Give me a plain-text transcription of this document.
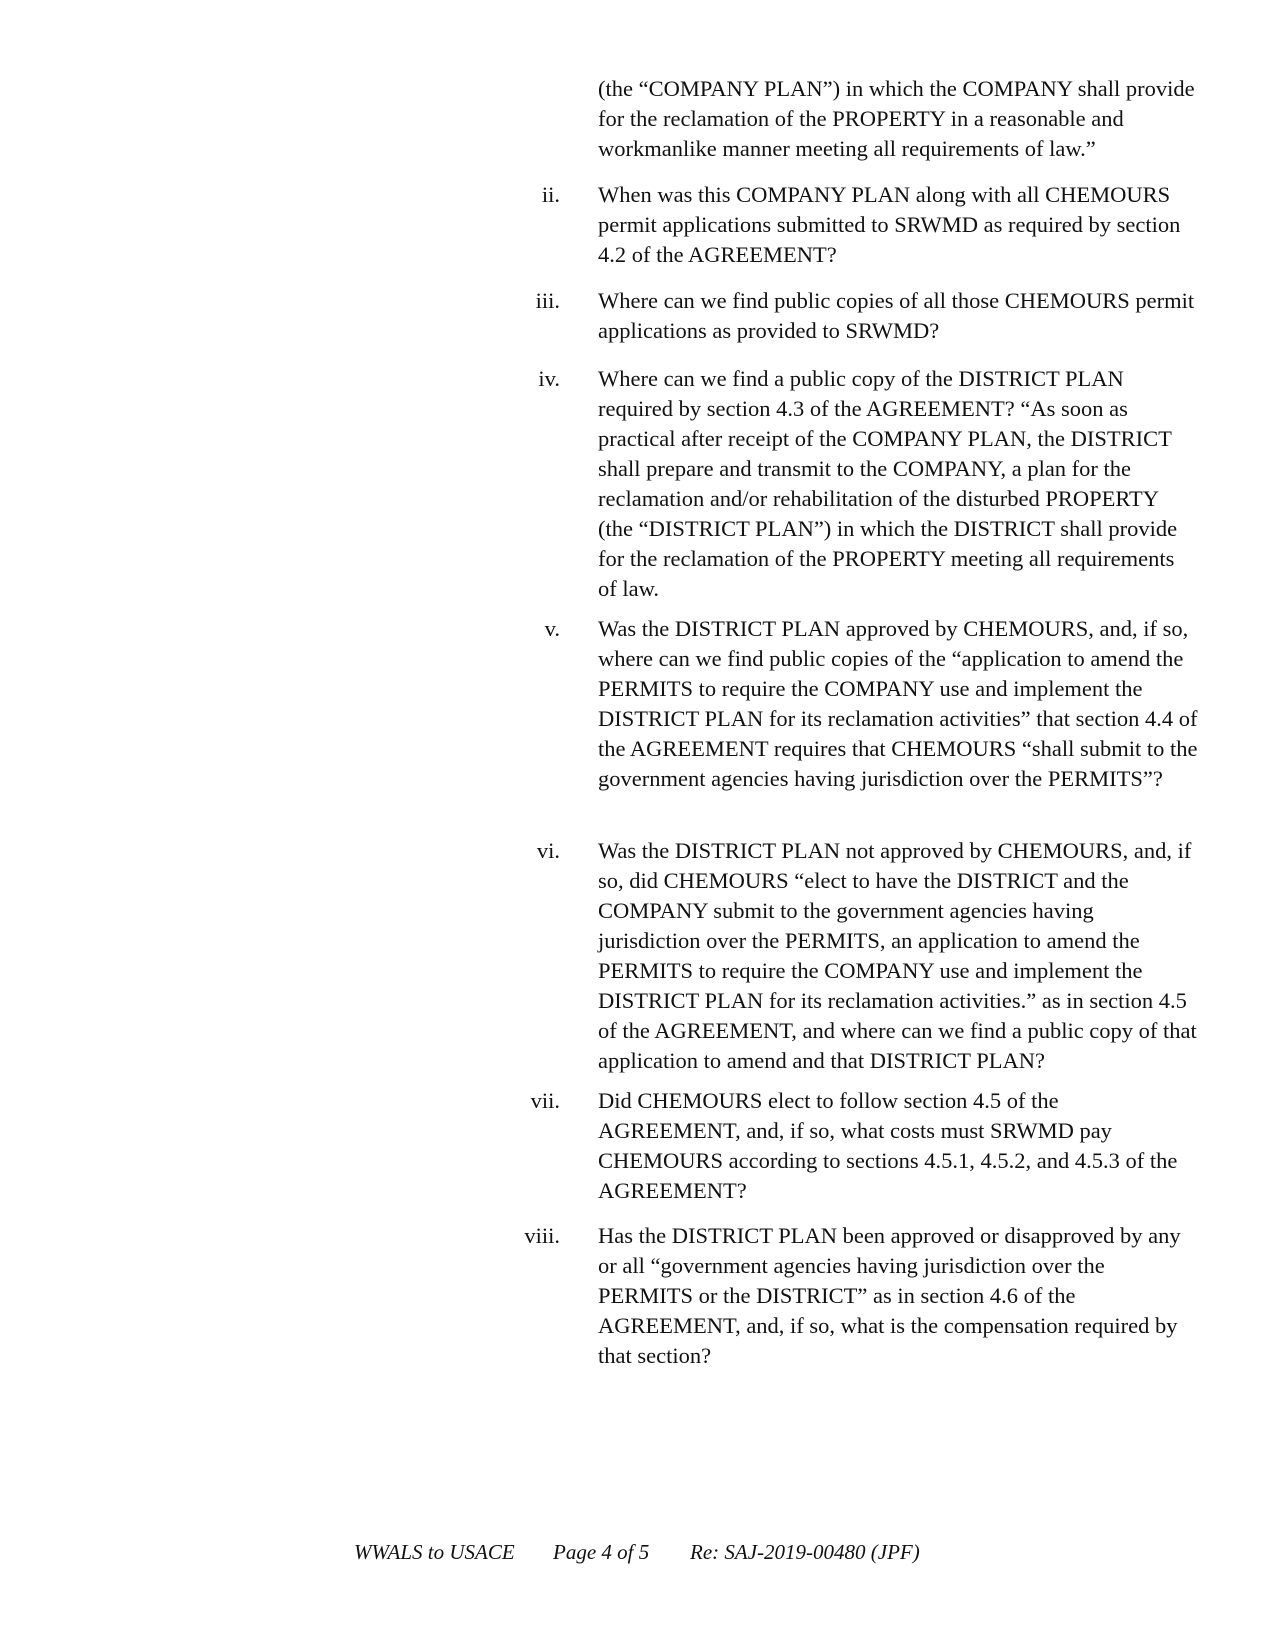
(the “COMPANY PLAN”) in which the COMPANY shall provide for the reclamation of the PROPERTY in a reasonable and workmanlike manner meeting all requirements of law.”

ii. When was this COMPANY PLAN along with all CHEMOURS permit applications submitted to SRWMD as required by section 4.2 of the AGREEMENT?

iii. Where can we find public copies of all those CHEMOURS permit applications as provided to SRWMD?

iv. Where can we find a public copy of the DISTRICT PLAN required by section 4.3 of the AGREEMENT? “As soon as practical after receipt of the COMPANY PLAN, the DISTRICT shall prepare and transmit to the COMPANY, a plan for the reclamation and/or rehabilitation of the disturbed PROPERTY (the “DISTRICT PLAN”) in which the DISTRICT shall provide for the reclamation of the PROPERTY meeting all requirements of law.

v. Was the DISTRICT PLAN approved by CHEMOURS, and, if so, where can we find public copies of the “application to amend the PERMITS to require the COMPANY use and implement the DISTRICT PLAN for its reclamation activities” that section 4.4 of the AGREEMENT requires that CHEMOURS “shall submit to the government agencies having jurisdiction over the PERMITS”?

vi. Was the DISTRICT PLAN not approved by CHEMOURS, and, if so, did CHEMOURS “elect to have the DISTRICT and the COMPANY submit to the government agencies having jurisdiction over the PERMITS, an application to amend the PERMITS to require the COMPANY use and implement the DISTRICT PLAN for its reclamation activities.” as in section 4.5 of the AGREEMENT, and where can we find a public copy of that application to amend and that DISTRICT PLAN?

vii. Did CHEMOURS elect to follow section 4.5 of the AGREEMENT, and, if so, what costs must SRWMD pay CHEMOURS according to sections 4.5.1, 4.5.2, and 4.5.3 of the AGREEMENT?

viii. Has the DISTRICT PLAN been approved or disapproved by any or all “government agencies having jurisdiction over the PERMITS or the DISTRICT” as in section 4.6 of the AGREEMENT, and, if so, what is the compensation required by that section?

WWALS to USACE Page 4 of 5 Re: SAJ-2019-00480 (JPF)
